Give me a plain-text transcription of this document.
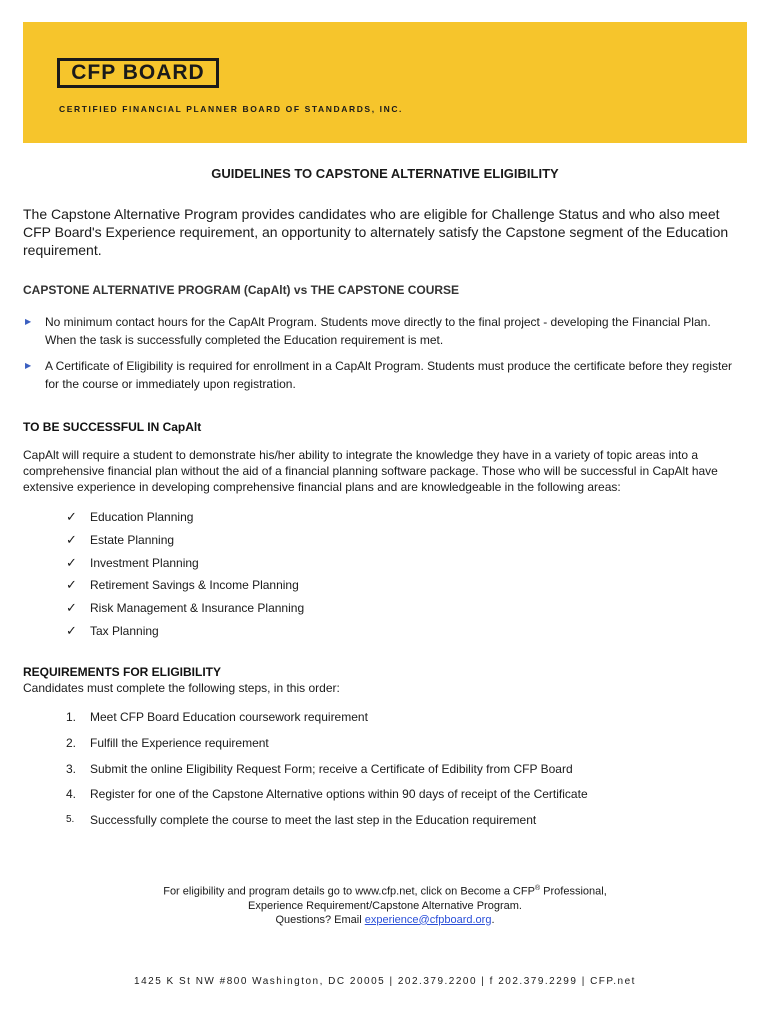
CFP BOARD
CERTIFIED FINANCIAL PLANNER BOARD OF STANDARDS, INC.
GUIDELINES TO CAPSTONE ALTERNATIVE ELIGIBILITY

The Capstone Alternative Program provides candidates who are eligible for Challenge Status and who also meet CFP Board's Experience requirement, an opportunity to alternately satisfy the Capstone segment of the Education requirement.

CAPSTONE ALTERNATIVE PROGRAM (CapAlt) vs THE CAPSTONE COURSE
▶ No minimum contact hours for the CapAlt Program. Students move directly to the final project - developing the Financial Plan. When the task is successfully completed the Education requirement is met.
▶ A Certificate of Eligibility is required for enrollment in a CapAlt Program. Students must produce the certificate before they register for the course or immediately upon registration.
TO BE SUCCESSFUL IN CapAlt

CapAlt will require a student to demonstrate his/her ability to integrate the knowledge they have in a variety of topic areas into a comprehensive financial plan without the aid of a financial planning software package. Those who will be successful in CapAlt have extensive experience in developing comprehensive financial plans and are knowledgeable in the following areas:

✓	Education Planning
✓	Estate Planning
✓	Investment Planning
✓	Retirement Savings & Income Planning
✓	Risk Management & Insurance Planning
✓	Tax Planning
REQUIREMENTS FOR ELIGIBILITY

Candidates must complete the following steps, in this order:

1.	Meet CFP Board Education coursework requirement
2.	Fulfill the Experience requirement
3.	Submit the online Eligibility Request Form; receive a Certificate of Edibility from CFP Board
4.	Register for one of the Capstone Alternative options within 90 days of receipt of the Certificate
5.	Successfully complete the course to meet the last step in the Education requirement
For eligibility and program details go to www.cfp.net, click on Become a CFP® Professional,
Experience Requirement/Capstone Alternative Program.
Questions? Email experience@cfpboard.org.
1425 K St NW #800 Washington, DC 20005 | 202.379.2200 | f 202.379.2299 | CFP.net
